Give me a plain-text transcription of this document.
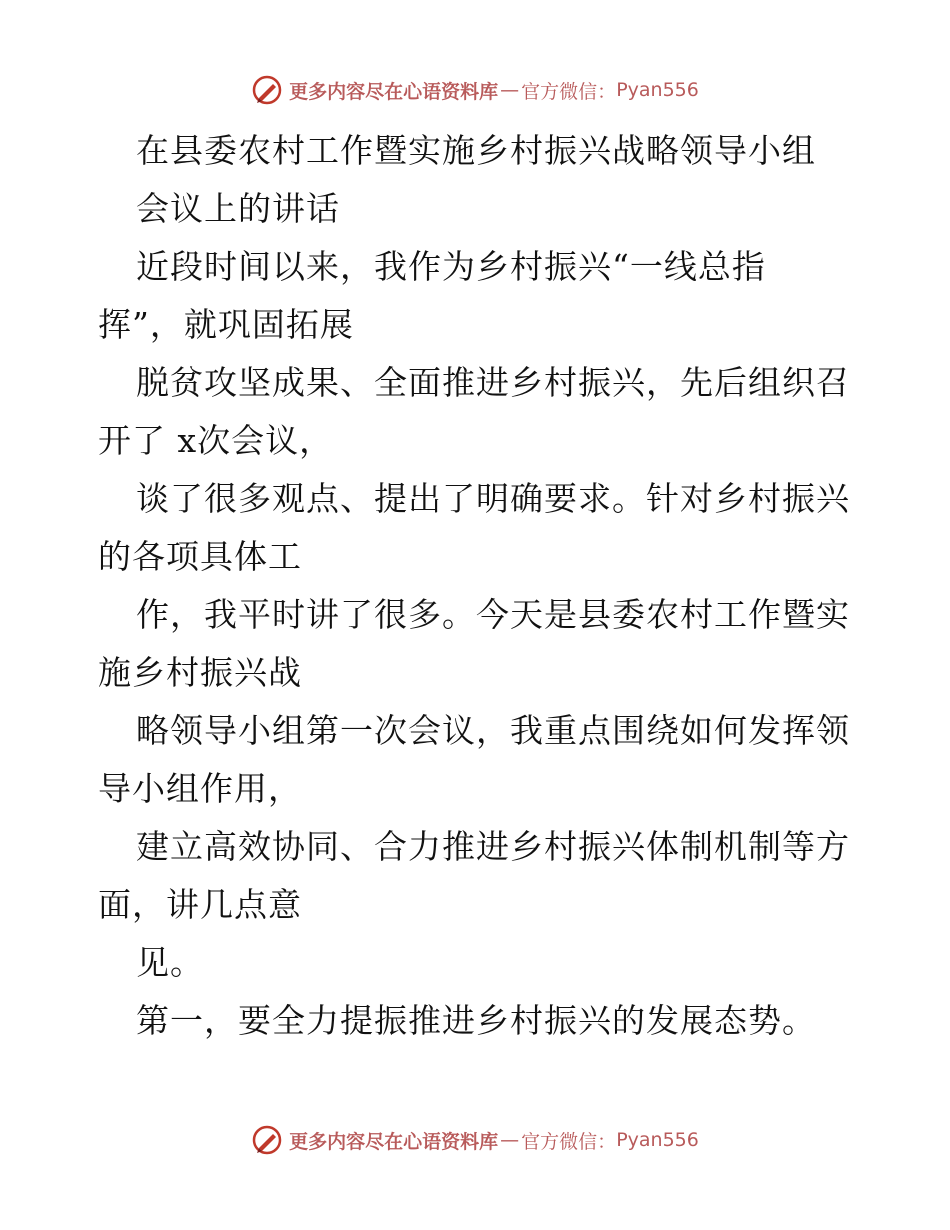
更多内容尽在心语资料库 — 官方微信： Pyan556
在县委农村工作暨实施乡村振兴战略领导小组
会议上的讲话
近段时间以来，我作为乡村振兴“一线总指
挥”，就巩固拓展
脱贫攻坚成果、全面推进乡村振兴，先后组织召
开了 x次会议，
谈了很多观点、提出了明确要求。针对乡村振兴
的各项具体工
作，我平时讲了很多。今天是县委农村工作暨实
施乡村振兴战
略领导小组第一次会议，我重点围绕如何发挥领
导小组作用，
建立高效协同、合力推进乡村振兴体制机制等方
面，讲几点意
见。
第一，要全力提振推进乡村振兴的发展态势。
更多内容尽在心语资料库 — 官方微信： Pyan556
